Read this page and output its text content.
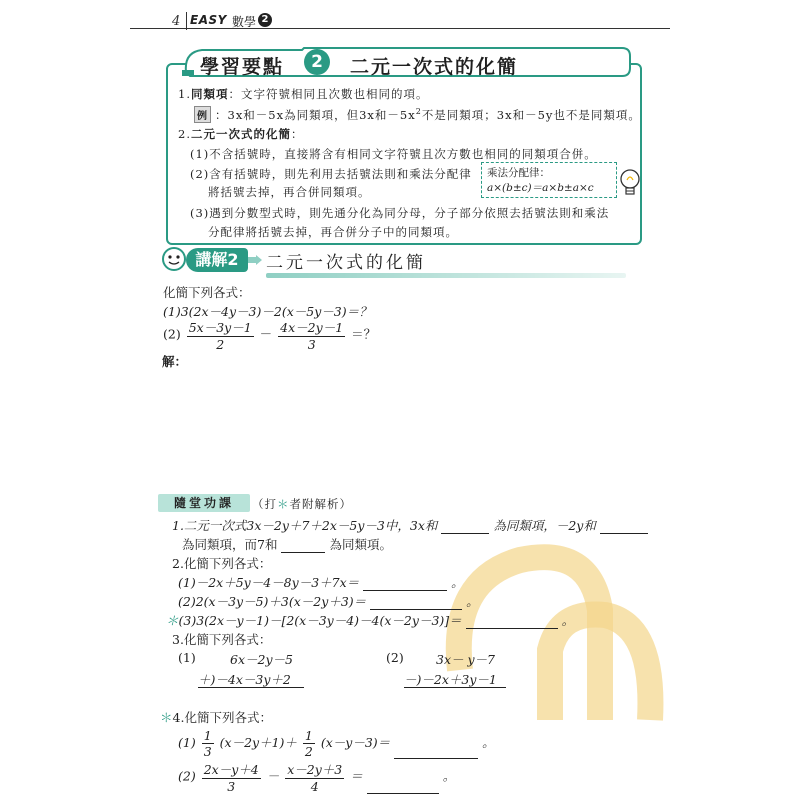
4 EASY 數學 2
學習要點	2	二元一次式的化簡
1.同類項：文字符號相同且次數也相同的項。
例 ：3x和－5x為同類項，但3x和$-5x^2$不是同類項；3x和－5y也不是同類項。
2.二元一次式的化簡：
(1)不含括號時，直接將含有相同文字符號且次方數也相同的同類項合併。
(2)含有括號時，則先利用去括號法則和乘法分配律
將括號去掉，再合併同類項。
(3)遇到分數型式時，則先通分化為同分母，分子部分依照去括號法則和乘法
分配律將括號去掉，再合併分子中的同類項。
乘法分配律：
a×(b±c)＝a×b±a×c
講解2	二元一次式的化簡
化簡下列各式：
(1)3(2x－4y－3)－2(x－5y－3)＝？
$(2) \frac{5x-3y-1}{2} - \frac{4x-2y-1}{3}$ ＝？
解：
隨堂功課	（打＊者附解析）
1.二元一次式3x－2y＋7＋2x－5y－3中，3x和	為同類項，－2y和
為同類項，而7和	為同類項。
2.化簡下列各式：
(1)－2x＋5y－4－8y－3＋7x＝	。
(2)2(x－3y－5)＋3(x－2y＋3)＝	。
＊(3)3(2x－y－1)－[2(x－3y－4)－4(x－2y－3)]＝	。
3.化簡下列各式：
(1)	6x－2y－5
＋)－4x－3y＋2
(2)	3x－ y－7
－)－2x＋3y－1
＊4.化簡下列各式：
$(1) \frac{1}{3} (x-2y+1)+ \frac{1}{2} (x-y-3)=$	。
$(2) \frac{2x-y+4}{3} - \frac{x-2y+3}{4}$ ＝	。
